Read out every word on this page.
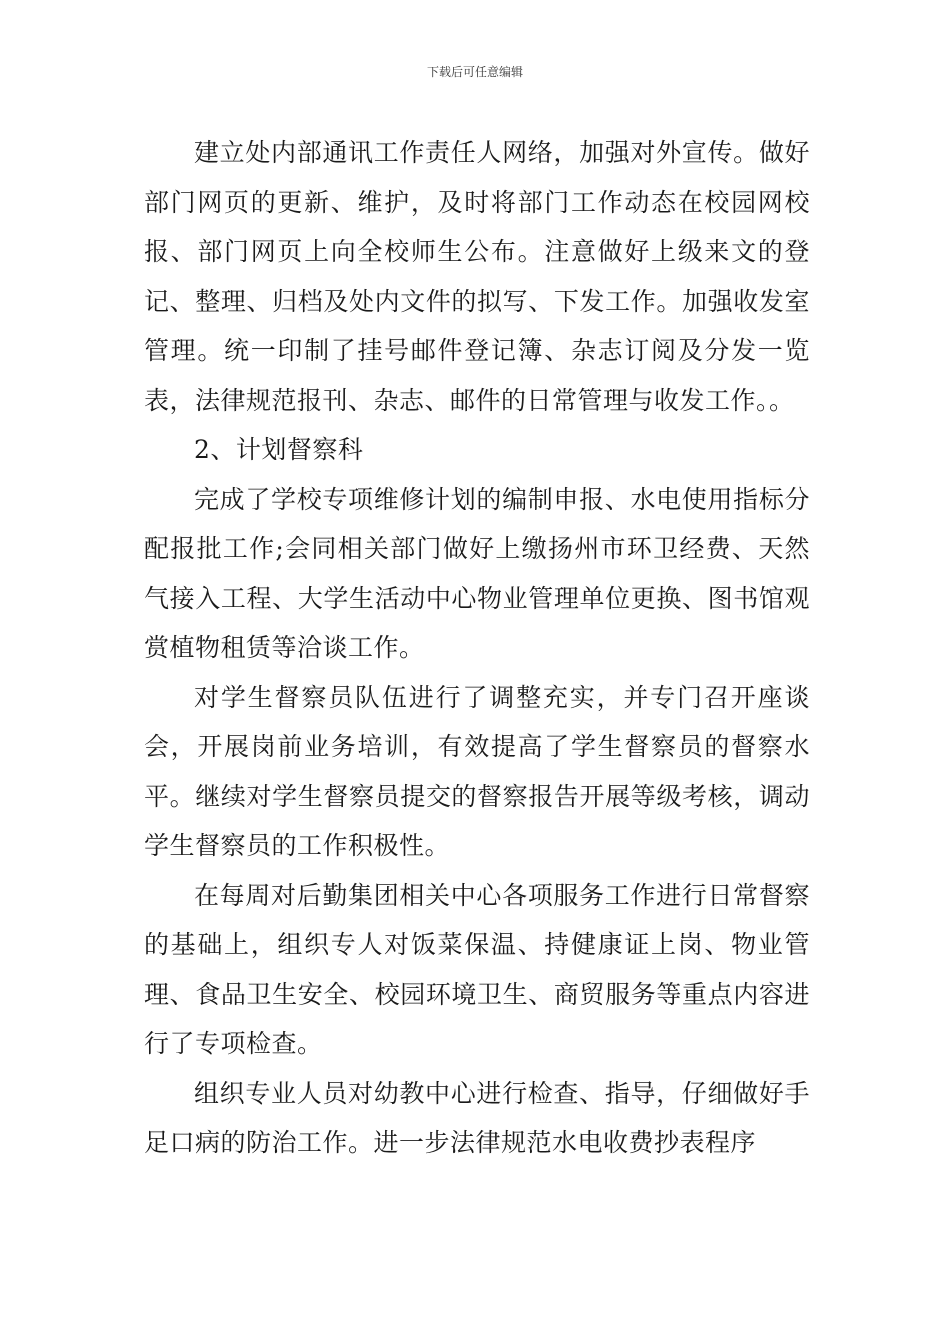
下载后可任意编辑

建立处内部通讯工作责任人网络，加强对外宣传。做好部门网页的更新、维护，及时将部门工作动态在校园网校报、部门网页上向全校师生公布。注意做好上级来文的登记、整理、归档及处内文件的拟写、下发工作。加强收发室管理。统一印制了挂号邮件登记簿、杂志订阅及分发一览表，法律规范报刊、杂志、邮件的日常管理与收发工作。。

2、计划督察科

完成了学校专项维修计划的编制申报、水电使用指标分配报批工作;会同相关部门做好上缴扬州市环卫经费、天然气接入工程、大学生活动中心物业管理单位更换、图书馆观赏植物租赁等洽谈工作。

对学生督察员队伍进行了调整充实，并专门召开座谈会，开展岗前业务培训，有效提高了学生督察员的督察水平。继续对学生督察员提交的督察报告开展等级考核，调动学生督察员的工作积极性。

在每周对后勤集团相关中心各项服务工作进行日常督察的基础上，组织专人对饭菜保温、持健康证上岗、物业管理、食品卫生安全、校园环境卫生、商贸服务等重点内容进行了专项检查。

组织专业人员对幼教中心进行检查、指导，仔细做好手足口病的防治工作。进一步法律规范水电收费抄表程序
